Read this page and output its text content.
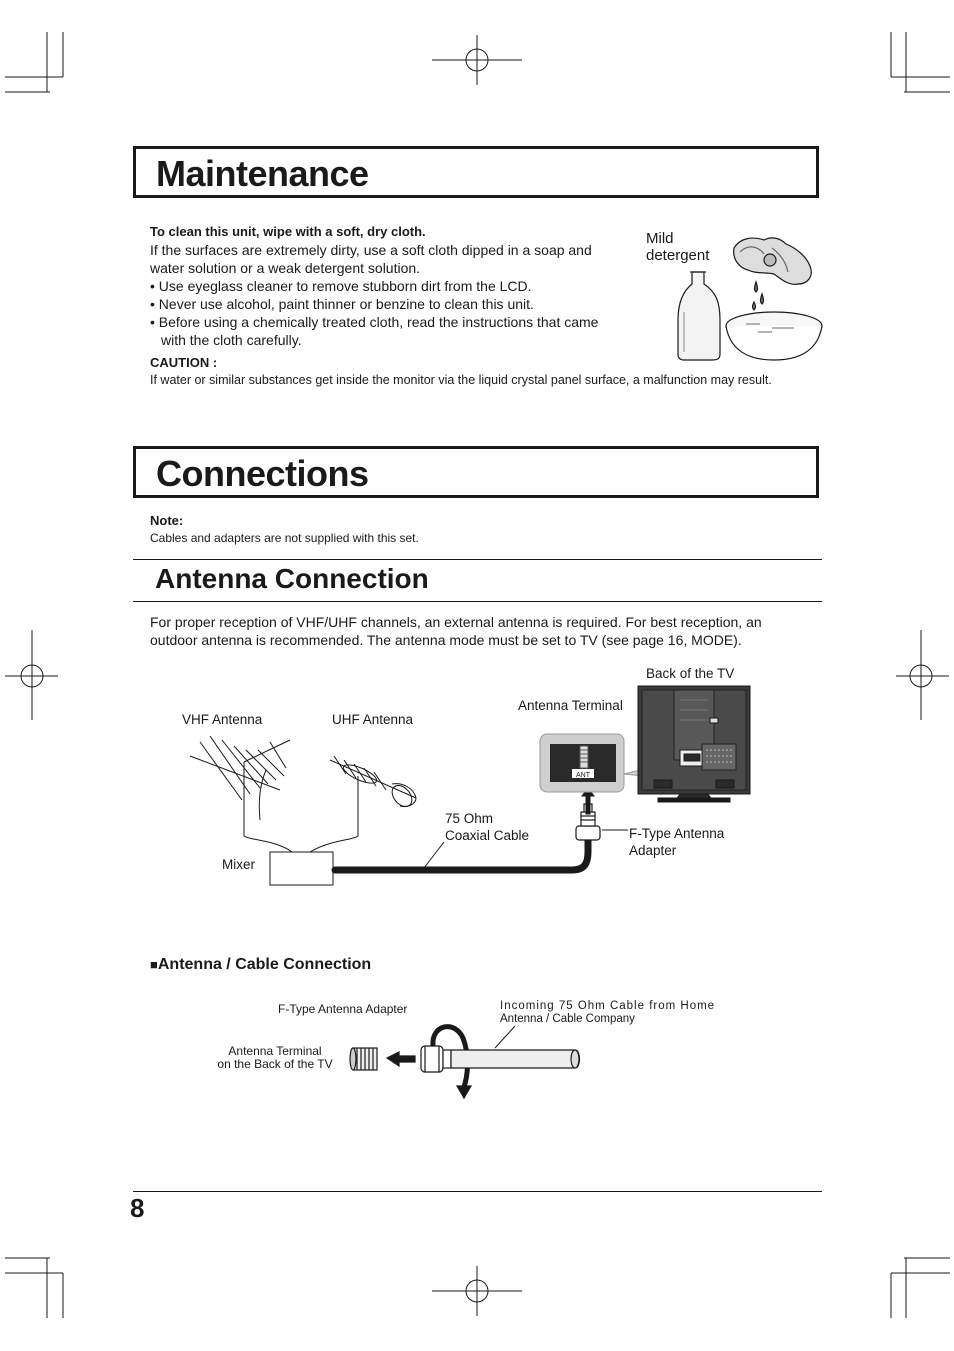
Maintenance
To clean this unit, wipe with a soft, dry cloth.
If the surfaces are extremely dirty, use a soft cloth dipped in a soap and water solution or a weak detergent solution.
• Use eyeglass cleaner to remove stubborn dirt from the LCD.
• Never use alcohol, paint thinner or benzine to clean this unit.
• Before using a chemically treated cloth, read the instructions that came with the cloth carefully.
CAUTION :
If water or similar substances get inside the monitor via the liquid crystal panel surface, a malfunction may result.
Mild
detergent
Connections
Note:
Cables and adapters are not supplied with this set.
Antenna Connection
For proper reception of VHF/UHF channels, an external antenna is required. For best reception, an outdoor antenna is recommended. The antenna mode must be set to TV (see page 16, MODE).
Back of the TV
Antenna Terminal
VHF Antenna	UHF Antenna
75 Ohm
Coaxial Cable	F-Type Antenna
Adapter
Mixer
ANT
■Antenna / Cable Connection
F-Type Antenna Adapter	Incoming 75 Ohm Cable from Home
Antenna / Cable Company
Antenna Terminal
on the Back of the TV
8
